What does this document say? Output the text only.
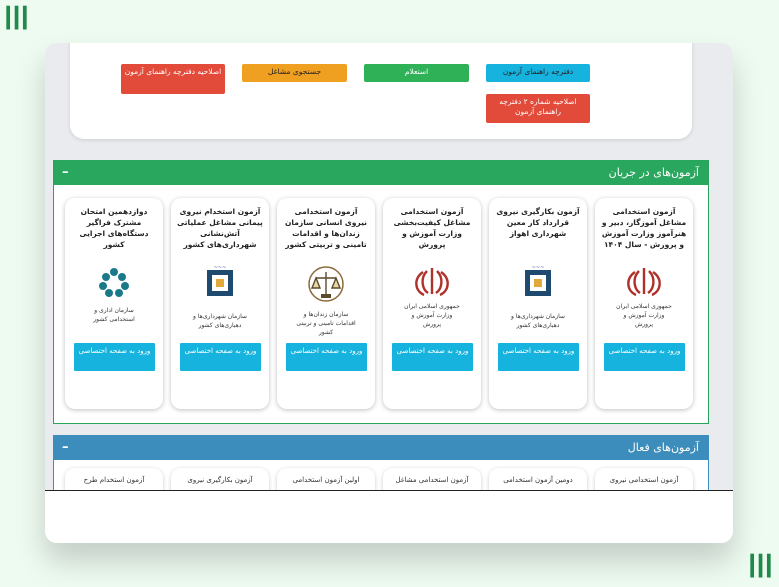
ااا
ااا
اصلاحیه دفترچه راهنمای آزمون	جستجوی مشاغل	استعلام	دفترچه راهنمای آزمون
اصلاحیه شماره ۲ دفترچه راهنمای آزمون
آزمون‌های در جریان
–
آزمون استخدامی مشاغل آموزگار، دبیر و هنرآموز وزارت آموزش و پرورش - سال ۱۴۰۴
جمهوری اسلامی ایران
وزارت آموزش و پرورش
ورود به صفحه اختصاصی
آزمون بکارگیری نیروی قرارداد کار معین شهرداری اهواز
~~~
سازمان شهرداری‌ها و دهیاری‌های کشور
ورود به صفحه اختصاصی
آزمون استخدامی مشاغل کیفیت‌بخشی وزارت آموزش و پرورش
جمهوری اسلامی ایران
وزارت آموزش و پرورش
ورود به صفحه اختصاصی
آزمون استخدامی نیروی انسانی سازمان زندان‌ها و اقدامات تامینی و تربیتی کشور
سازمان زندان‌ها و اقدامات تامینی و تربیتی کشور
ورود به صفحه اختصاصی
آزمون استخدام نیروی پیمانی مشاغل عملیاتی آتش‌نشانی شهرداری‌های کشور
~~~
سازمان شهرداری‌ها و دهیاری‌های کشور
ورود به صفحه اختصاصی
دوازدهمین امتحان مشترک فراگیر دستگاه‌های اجرایی کشور
سازمان اداری و استخدامی کشور
ورود به صفحه اختصاصی
آزمون‌های فعال
–
آزمون استخدامی نیروی
دومین آزمون استخدامی
آزمون استخدامی مشاغل
اولین آزمون استخدامی
آزمون بکارگیری نیروی
آزمون استخدام طرح
